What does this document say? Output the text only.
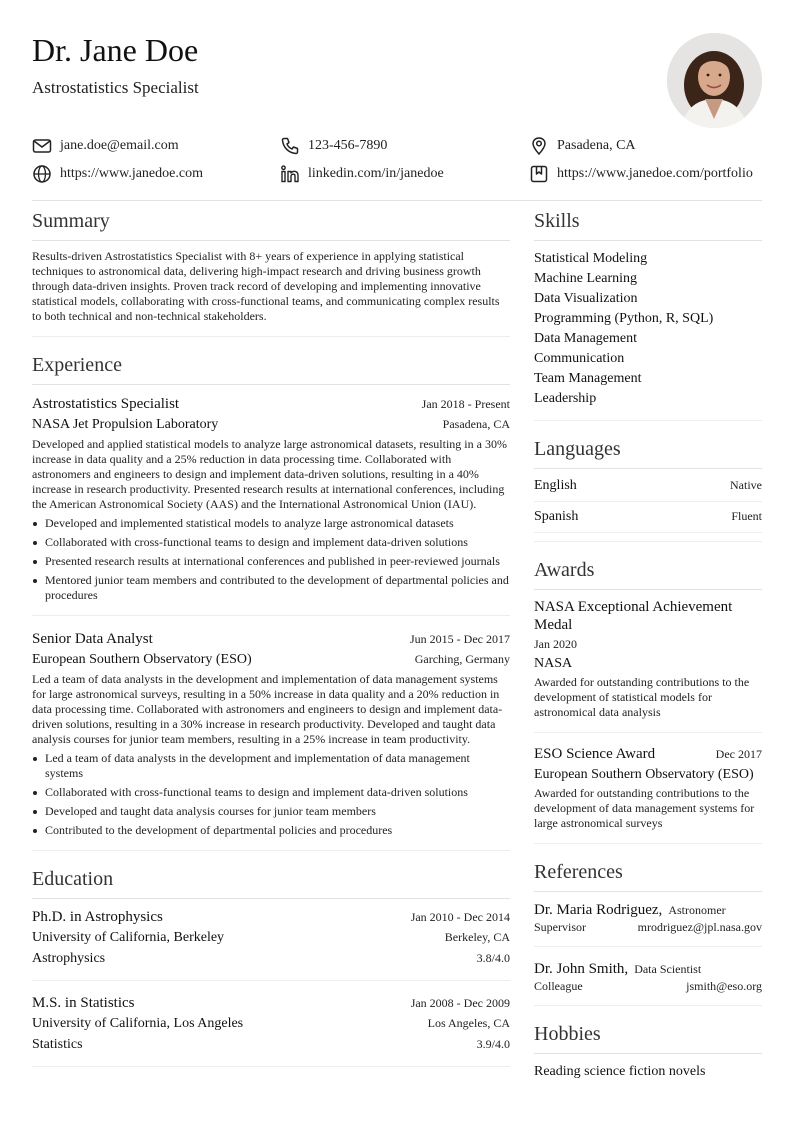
Dr. Jane Doe
Astrostatistics Specialist
jane.doe@email.com	123-456-7890	Pasadena, CA
https://www.janedoe.com	linkedin.com/in/janedoe	https://www.janedoe.com/portfolio
Summary
Results-driven Astrostatistics Specialist with 8+ years of experience in applying statistical techniques to astronomical data, delivering high-impact research and driving business growth through data-driven insights. Proven track record of developing and implementing innovative statistical models, collaborating with cross-functional teams, and communicating complex results to both technical and non-technical stakeholders.
Experience
Astrostatistics Specialist	Jan 2018 - Present
NASA Jet Propulsion Laboratory	Pasadena, CA
Developed and applied statistical models to analyze large astronomical datasets, resulting in a 30% increase in data quality and a 25% reduction in data processing time. Collaborated with astronomers and engineers to design and implement data-driven solutions, resulting in a 40% increase in research productivity. Presented research results at international conferences, including the American Astronomical Society (AAS) and the International Astronomical Union (IAU).
Developed and implemented statistical models to analyze large astronomical datasets
Collaborated with cross-functional teams to design and implement data-driven solutions
Presented research results at international conferences and published in peer-reviewed journals
Mentored junior team members and contributed to the development of departmental policies and procedures
Senior Data Analyst	Jun 2015 - Dec 2017
European Southern Observatory (ESO)	Garching, Germany
Led a team of data analysts in the development and implementation of data management systems for large astronomical surveys, resulting in a 50% increase in data quality and a 20% reduction in data processing time. Collaborated with astronomers and engineers to design and implement data-driven solutions, resulting in a 30% increase in research productivity. Developed and taught data analysis courses for junior team members, resulting in a 25% increase in team productivity.
Led a team of data analysts in the development and implementation of data management systems
Collaborated with cross-functional teams to design and implement data-driven solutions
Developed and taught data analysis courses for junior team members
Contributed to the development of departmental policies and procedures
Education
Ph.D. in Astrophysics	Jan 2010 - Dec 2014
University of California, Berkeley	Berkeley, CA
Astrophysics	3.8/4.0
M.S. in Statistics	Jan 2008 - Dec 2009
University of California, Los Angeles	Los Angeles, CA
Statistics	3.9/4.0
Skills
Statistical Modeling
Machine Learning
Data Visualization
Programming (Python, R, SQL)
Data Management
Communication
Team Management
Leadership
Languages
English	Native
Spanish	Fluent
Awards
NASA Exceptional Achievement Medal
Jan 2020
NASA
Awarded for outstanding contributions to the development of statistical models for astronomical data analysis
ESO Science Award	Dec 2017
European Southern Observatory (ESO)
Awarded for outstanding contributions to the development of data management systems for large astronomical surveys
References
Dr. Maria Rodriguez, Astronomer
Supervisor	mrodriguez@jpl.nasa.gov
Dr. John Smith, Data Scientist
Colleague	jsmith@eso.org
Hobbies
Reading science fiction novels
